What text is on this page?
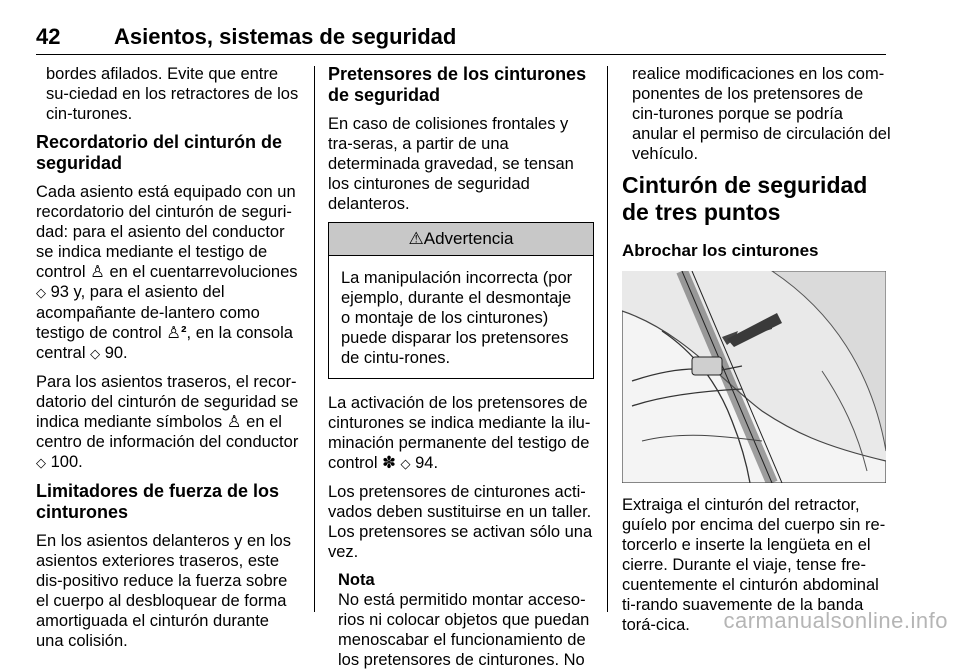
42 Asientos, sistemas de seguridad

bordes afilados. Evite que entre su-ciedad en los retractores de los cin-turones.

Recordatorio del cinturón de seguridad

Cada asiento está equipado con un recordatorio del cinturón de seguri-dad: para el asiento del conductor se indica mediante el testigo de control ♙ en el cuentarrevoluciones ◇ 93 y, para el asiento del acompañante de-lantero como testigo de control ♙², en la consola central ◇ 90.

Para los asientos traseros, el recor-datorio del cinturón de seguridad se indica mediante símbolos ♙ en el centro de información del conductor ◇ 100.

Limitadores de fuerza de los cinturones

En los asientos delanteros y en los asientos exteriores traseros, este dis-positivo reduce la fuerza sobre el cuerpo al desbloquear de forma amortiguada el cinturón durante una colisión.

Pretensores de los cinturones de seguridad

En caso de colisiones frontales y tra-seras, a partir de una determinada gravedad, se tensan los cinturones de seguridad delanteros.

⚠Advertencia
La manipulación incorrecta (por ejemplo, durante el desmontaje o montaje de los cinturones) puede disparar los pretensores de cintu-rones.

La activación de los pretensores de cinturones se indica mediante la ilu-minación permanente del testigo de control ✽ ◇ 94.

Los pretensores de cinturones acti-vados deben sustituirse en un taller. Los pretensores se activan sólo una vez.

Nota
No está permitido montar acceso-rios ni colocar objetos que puedan menoscabar el funcionamiento de los pretensores de cinturones. No

realice modificaciones en los com-ponentes de los pretensores de cin-turones porque se podría anular el permiso de circulación del vehículo.

Cinturón de seguridad de tres puntos
Abrochar los cinturones

Extraiga el cinturón del retractor, guíelo por encima del cuerpo sin re-torcerlo e inserte la lengüeta en el cierre. Durante el viaje, tense fre-cuentemente el cinturón abdominal ti-rando suavemente de la banda torá-cica.	carmanualsonline.info
